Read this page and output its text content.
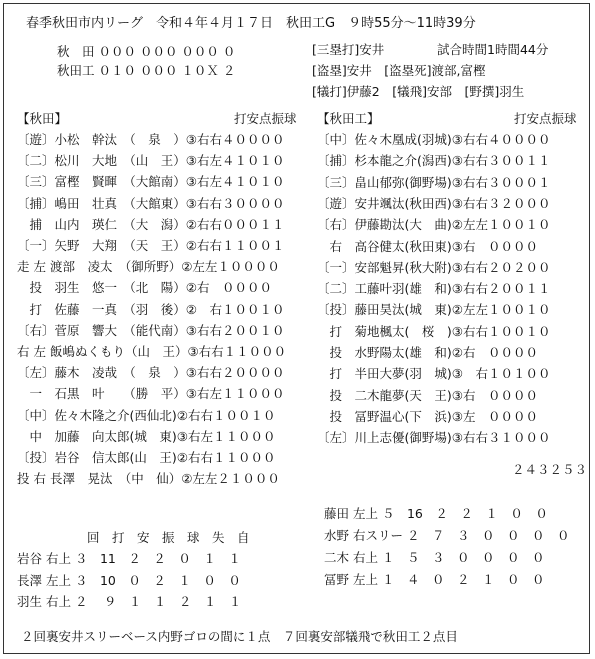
春季秋田市内リーグ　令和４年４月１７日　秋田工G　９時55分～11時39分
秋　田 ０００ ０００ ０００ ０
秋田工 ０１０ ０００ １０Ｘ ２
[三塁打]安井	試合時間1時間44分
[盗塁]安井　[盗塁死]渡部,富樫
[犠打]伊藤2　[犠飛]安部　[野撰]羽生
【秋田】	打安点振球 【秋田工】	打安点振球
〔遊〕小松　幹汰　（　泉　）③右右４００００
〔二〕松川　大地　（山　王）③右左４１０１０
〔三〕富樫　賢暉　（大館南）③右左４１０１０
〔捕〕嶋田　壮真　（大館東）③右右３００００
　捕　山内　瑛仁　（大　潟）②右右０００１１
〔一〕矢野　大翔　（天　王）②右右１１００１
走 左 渡部　凌太　（御所野）②左左１００００
　投　羽生　悠一　（北　陽）②右　００００
　打　佐藤　一真　（羽　後）②　右１００１０
〔右〕菅原　響大　（能代南）③右右２００１０
右 左 飯嶋ぬくもり（山　王）③右右１１０００
〔左〕藤木　凌哉　（　泉　）③右右２００００
　一　石黒　叶　　（勝　平）③右左１１０００
〔中〕佐々木隆之介(西仙北)②右右１００１０
　中　加藤　向太郎(城　東)③右左１１０００
〔投〕岩谷　信太郎(山　王)②右右１１０００
投 右 長澤　晃汰　（中　仙）②左左２１０００
〔中〕佐々木凰成(羽城)③右右４００００
〔捕〕杉本龍之介(潟西)③右右３００１１
〔三〕畠山郁弥(御野場)③右右３０００１
〔遊〕安井颯汰(秋田西)③右右３２０００
〔右〕伊藤勘汰(大　曲)②左左１００１０
　右　高谷健太(秋田東)③右　００００
〔一〕安部魁昇(秋大附)③右右２０２００
〔二〕工藤叶羽(雄　和)③右右２００１１
〔投〕藤田昊汰(城　東)②左左１００１０
　打　菊地楓太(　桜　)③右右１００１０
　投　水野陽太(雄　和)②右　００００
　打　半田大夢(羽　城)③　右１０１００
　投　二木龍夢(天　王)③右　００００
　投　冨野温心(下　浜)③左　００００
〔左〕川上志優(御野場)③右右３１０００
２４３２５３
回　打　安　振　球　失　自
岩谷 右上 ３　11　２　２　０　１　１
長澤 左上 ３　10　０　２　１　０　０
羽生 右上 ２　 ９　１　１　２　１　１
藤田 左上 ５　16　２　２　１　０　０
水野 右スリー ２　７　３　０　０　０　０
二木 右上 １　５　３　０　０　０　０
冨野 左上 １　４　０　２　１　０　０
２回裏安井スリーベース内野ゴロの間に１点　７回裏安部犠飛で秋田工２点目
